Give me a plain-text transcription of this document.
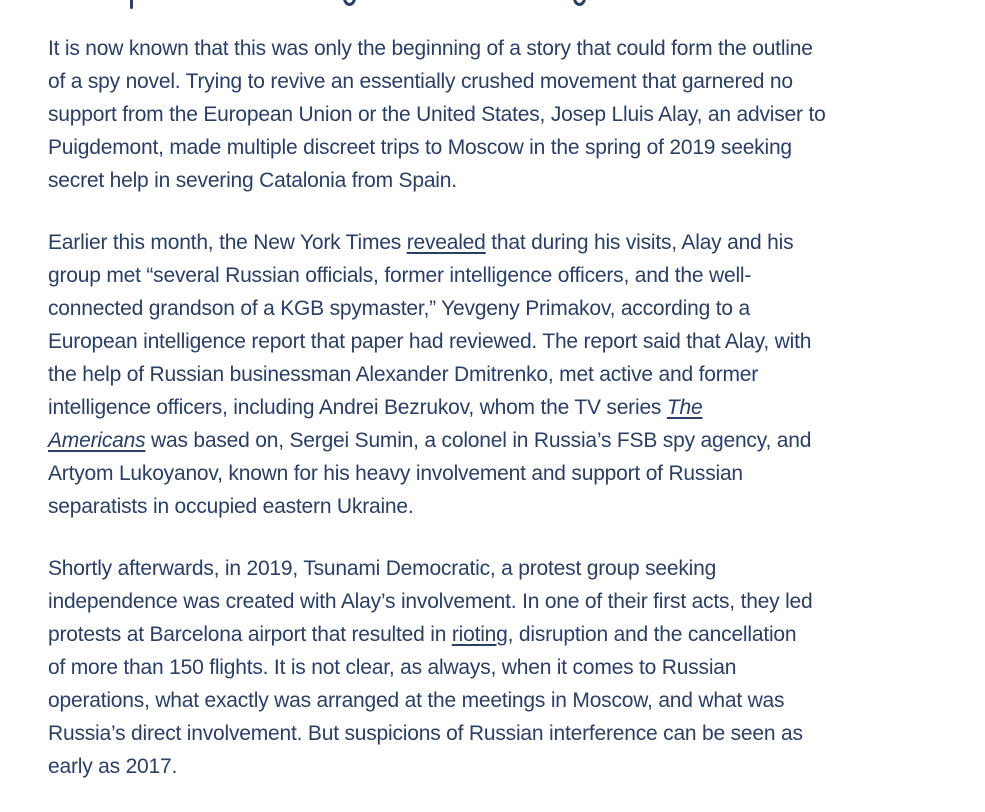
It is now known that this was only the beginning of a story that could form the outline
of a spy novel. Trying to revive an essentially crushed movement that garnered no
support from the European Union or the United States, Josep Lluis Alay, an adviser to
Puigdemont, made multiple discreet trips to Moscow in the spring of 2019 seeking
secret help in severing Catalonia from Spain.
Earlier this month, the New York Times revealed that during his visits, Alay and his
group met “several Russian officials, former intelligence officers, and the well-
connected grandson of a KGB spymaster,” Yevgeny Primakov, according to a
European intelligence report that paper had reviewed. The report said that Alay, with
the help of Russian businessman Alexander Dmitrenko, met active and former
intelligence officers, including Andrei Bezrukov, whom the TV series The
Americans was based on, Sergei Sumin, a colonel in Russia’s FSB spy agency, and
Artyom Lukoyanov, known for his heavy involvement and support of Russian
separatists in occupied eastern Ukraine.
Shortly afterwards, in 2019, Tsunami Democratic, a protest group seeking
independence was created with Alay’s involvement. In one of their first acts, they led
protests at Barcelona airport that resulted in rioting, disruption and the cancellation
of more than 150 flights. It is not clear, as always, when it comes to Russian
operations, what exactly was arranged at the meetings in Moscow, and what was
Russia’s direct involvement. But suspicions of Russian interference can be seen as
early as 2017.
